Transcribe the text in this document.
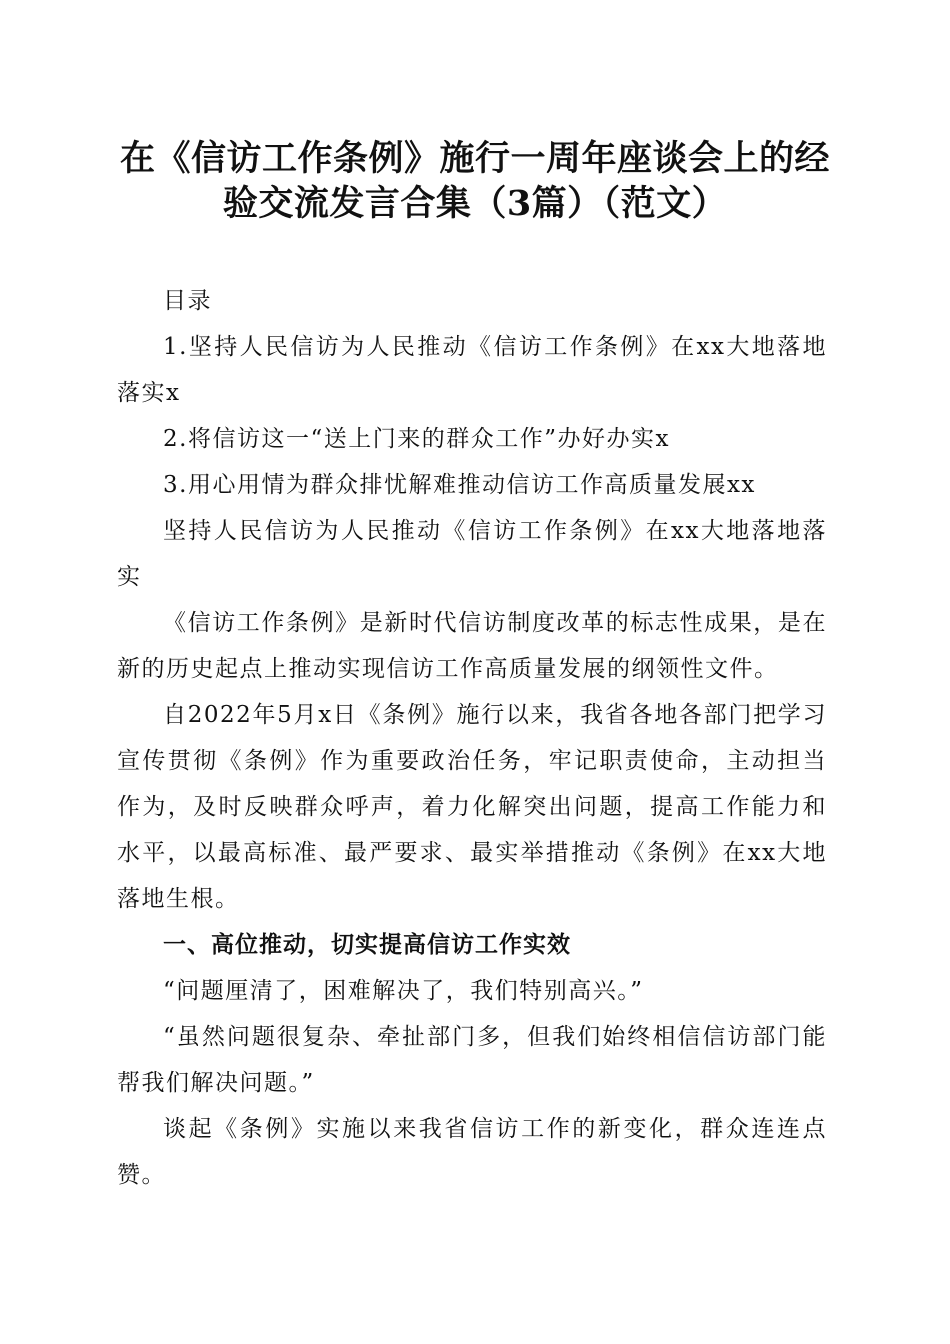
在《信访工作条例》施行一周年座谈会上的经
验交流发言合集（3篇）（范文）

目录

1.坚持人民信访为人民推动《信访工作条例》在xx大地落地落实x

2.将信访这一“送上门来的群众工作”办好办实x

3.用心用情为群众排忧解难推动信访工作高质量发展xx

坚持人民信访为人民推动《信访工作条例》在xx大地落地落实

《信访工作条例》是新时代信访制度改革的标志性成果，是在新的历史起点上推动实现信访工作高质量发展的纲领性文件。

自2022年5月x日《条例》施行以来，我省各地各部门把学习宣传贯彻《条例》作为重要政治任务，牢记职责使命，主动担当作为，及时反映群众呼声，着力化解突出问题，提高工作能力和水平，以最高标准、最严要求、最实举措推动《条例》在xx大地落地生根。

一、高位推动，切实提高信访工作实效

“问题厘清了，困难解决了，我们特别高兴。”

“虽然问题很复杂、牵扯部门多，但我们始终相信信访部门能帮我们解决问题。”

谈起《条例》实施以来我省信访工作的新变化，群众连连点赞。
